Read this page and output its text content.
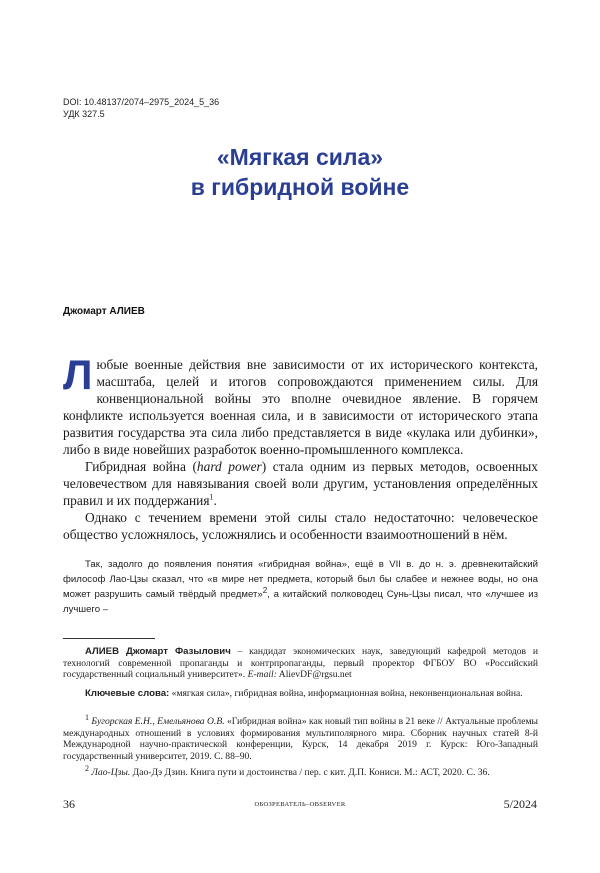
DOI: 10.48137/2074–2975_2024_5_36
УДК 327.5
«Мягкая сила»
в гибридной войне
Джомарт АЛИЕВ

Любые военные действия вне зависимости от их исторического контекста, масштаба, целей и итогов сопровождаются применением силы. Для конвенциональной войны это вполне очевидное явление. В горячем конфликте используется военная сила, и в зависимости от исторического этапа развития государства эта сила либо представляется в виде «кулака или дубинки», либо в виде новейших разработок военно-промышленного комплекса.

Гибридная война (hard power) стала одним из первых методов, освоенных человечеством для навязывания своей воли другим, установления определённых правил и их поддержания$^1$.

Однако с течением времени этой силы стало недостаточно: человеческое общество усложнялось, усложнялись и особенности взаимоотношений в нём.

Так, задолго до появления понятия «гибридная война», ещё в VII в. до н. э. древнекитайский философ Лао-Цзы сказал, что «в мире нет предмета, который был бы слабее и нежнее воды, но она может разрушить самый твёрдый предмет»$^2$, а китайский полководец Сунь-Цзы писал, что «лучшее из лучшего –

АЛИЕВ Джомарт Фазылович – кандидат экономических наук, заведующий кафедрой методов и технологий современной пропаганды и контрпропаганды, первый проректор ФГБОУ ВО «Российский государственный социальный университет». E-mail: AlievDF@rgsu.net

Ключевые слова: «мягкая сила», гибридная война, информационная война, неконвенциональная война.

$^1$ Бугорская Е.Н., Емельянова О.В. «Гибридная война» как новый тип войны в 21 веке // Актуальные проблемы международных отношений в условиях формирования мультиполярного мира. Сборник научных статей 8-й Международной научно-практической конференции, Курск, 14 декабря 2019 г. Курск: Юго-Западный государственный университет, 2019. С. 88–90.

$^2$ Лао-Цзы. Дао-Дэ Дзин. Книга пути и достоинства / пер. с кит. Д.П. Кониси. М.: АСТ, 2020. С. 36.

36	ОБОЗРЕВАТЕЛЬ–OBSERVER	5/2024
